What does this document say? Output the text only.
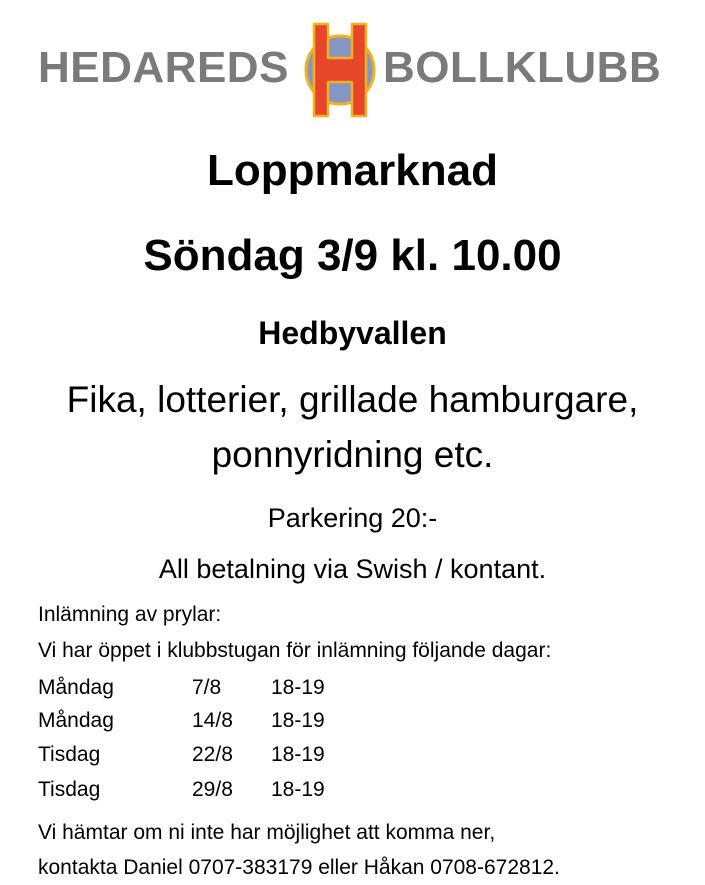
HEDAREDS B
K
BOLLKLUBB
Loppmarknad
Söndag 3/9 kl. 10.00
Hedbyvallen
Fika, lotterier, grillade hamburgare,
ponnyridning etc.
Parkering 20:-
All betalning via Swish / kontant.
Inlämning av prylar:
Vi har öppet i klubbstugan för inlämning följande dagar:
Måndag	7/8 18-19
Måndag	14/8 18-19
Tisdag	22/8 18-19
Tisdag	29/8 18-19
Vi hämtar om ni inte har möjlighet att komma ner,
kontakta Daniel 0707-383179 eller Håkan 0708-672812.
